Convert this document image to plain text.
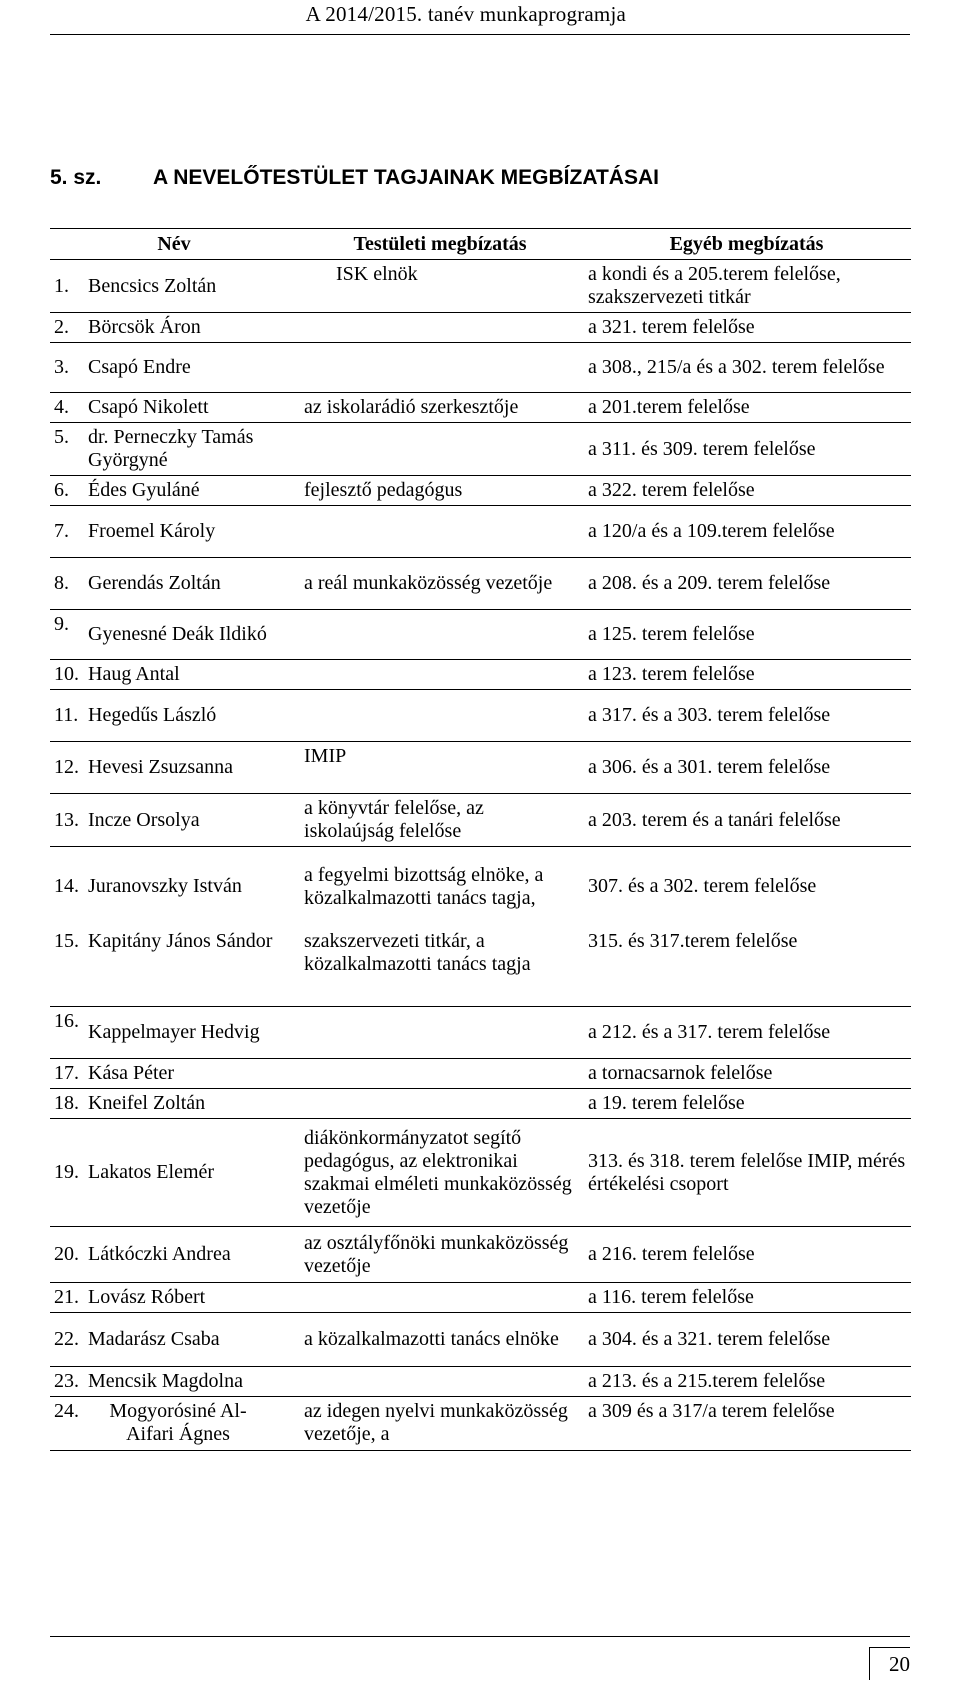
A 2014/2015. tanév munkaprogramja
5. sz. A NEVELŐTESTÜLET TAGJAINAK MEGBÍZATÁSAI
Név		Testületi megbízatás	Egyéb megbízatás
1.	Bencsics Zoltán	ISK elnök	a kondi és a 205.terem felelőse, szakszervezeti titkár
2.	Börcsök Áron		a 321. terem felelőse
3.	Csapó Endre		a 308., 215/a és a 302. terem felelőse
4.	Csapó Nikolett	az iskolarádió szerkesztője	a 201.terem felelőse
5.	dr. Perneczky Tamás Györgyné		a 311. és 309. terem felelőse
6.	Édes Gyuláné	fejlesztő pedagógus	a 322. terem felelőse
7.	Froemel Károly		a 120/a és a 109.terem felelőse
8.	Gerendás Zoltán	a reál munkaközösség vezetője	a 208. és a 209. terem felelőse
9.	Gyenesné Deák Ildikó		a 125. terem felelőse
10.	Haug Antal		a 123. terem felelőse
11.	Hegedűs László		a 317. és a 303. terem felelőse
12.	Hevesi Zsuzsanna	IMIP	a 306. és a 301. terem felelőse
13.	Incze Orsolya	a könyvtár felelőse, az iskolaújság felelőse	a 203. terem és a tanári felelőse
14.	Juranovszky István	a fegyelmi bizottság elnöke, a közalkalmazotti tanács tagja,	307. és a 302. terem felelőse
15.	Kapitány János Sándor	szakszervezeti titkár, a közalkalmazotti tanács tagja	315. és 317.terem felelőse
16.	Kappelmayer Hedvig		a 212. és a 317. terem felelőse
17.	Kása Péter		a tornacsarnok felelőse
18.	Kneifel Zoltán		a 19. terem felelőse
19.	Lakatos Elemér	diákönkormányzatot segítő pedagógus, az elektronikai szakmai elméleti munkaközösség vezetője	313. és 318. terem felelőse IMIP, mérés értékelési csoport
20.	Látkóczki Andrea	az osztályfőnöki munkaközösség vezetője	a 216. terem felelőse
21.	Lovász Róbert		a 116. terem felelőse
22.	Madarász Csaba	a közalkalmazotti tanács elnöke	a 304. és a 321. terem felelőse
23.	Mencsik Magdolna		a 213. és a 215.terem felelőse
24.	Mogyorósiné Al-Aifari Ágnes	az idegen nyelvi munkaközösség vezetője, a	a 309 és a 317/a terem felelőse
20
